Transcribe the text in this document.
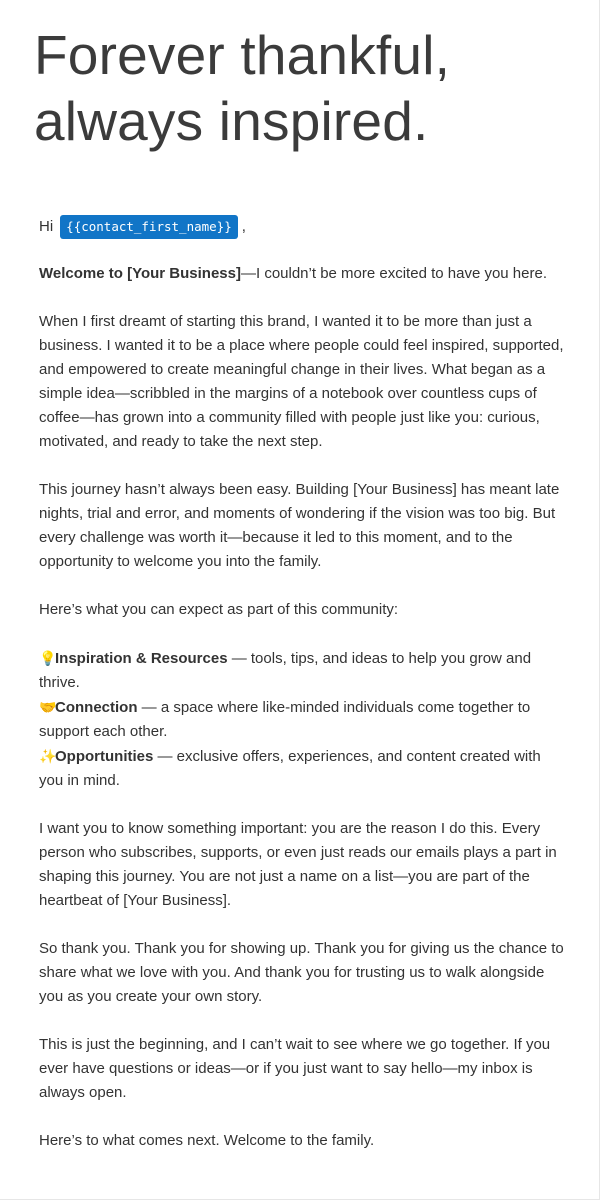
Forever thankful,
always inspired.

Hi	{{contact_first_name}} ,

Welcome to [Your Business]—I couldn’t be more excited to have you here.

When I first dreamt of starting this brand, I wanted it to be more than just a business. I wanted it to be a place where people could feel inspired, supported, and empowered to create meaningful change in their lives. What began as a simple idea—scribbled in the margins of a notebook over countless cups of coffee—has grown into a community filled with people just like you: curious, motivated, and ready to take the next step.

This journey hasn’t always been easy. Building [Your Business] has meant late nights, trial and error, and moments of wondering if the vision was too big. But every challenge was worth it—because it led to this moment, and to the opportunity to welcome you into the family.

Here’s what you can expect as part of this community:

💡Inspiration & Resources — tools, tips, and ideas to help you grow and thrive.
🤝Connection — a space where like-minded individuals come together to support each other.
✨Opportunities — exclusive offers, experiences, and content created with you in mind.

I want you to know something important: you are the reason I do this. Every person who subscribes, supports, or even just reads our emails plays a part in shaping this journey. You are not just a name on a list—you are part of the heartbeat of [Your Business].

So thank you. Thank you for showing up. Thank you for giving us the chance to share what we love with you. And thank you for trusting us to walk alongside you as you create your own story.

This is just the beginning, and I can’t wait to see where we go together. If you ever have questions or ideas—or if you just want to say hello—my inbox is always open.

Here’s to what comes next. Welcome to the family.
